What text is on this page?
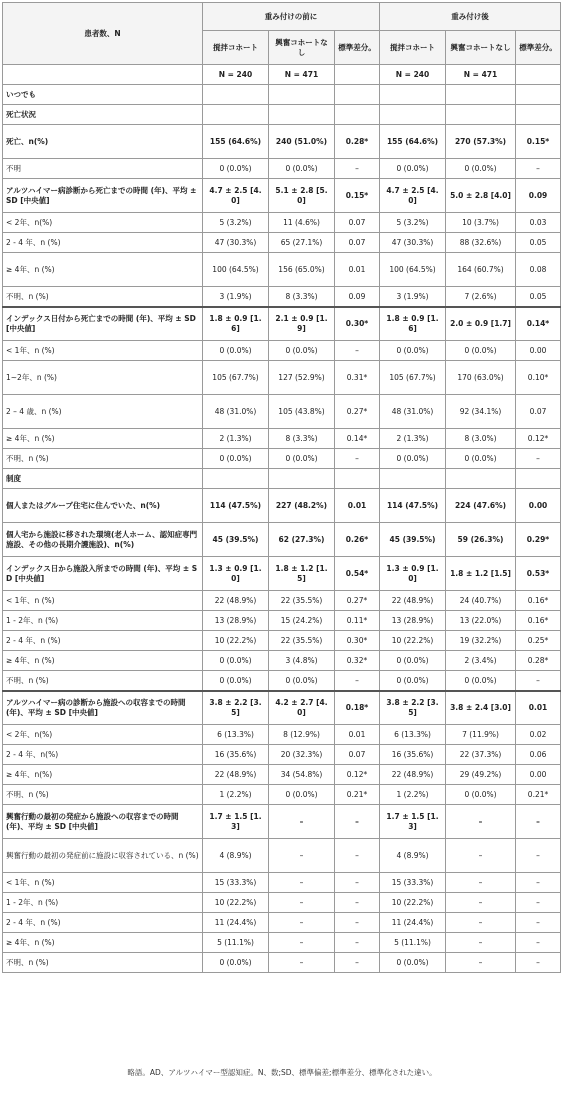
患者数、N	重み付けの前に			重み付け後		
	撹拌コホート	興奮コホートなし	標準差分。	撹拌コホート	興奮コホートなし	標準差分。
	N = 240	N = 471		N = 240	N = 471	
いつでも						
死亡状況						
死亡、n(%)	155 (64.6%)	240 (51.0%)	0.28*	155 (64.6%)	270 (57.3%)	0.15*
不明	0 (0.0%)	0 (0.0%)	–	0 (0.0%)	0 (0.0%)	–
アルツハイマー病診断から死亡までの時間 (年)、平均 ± SD [中央値]	4.7 ± 2.5 [4.0]	5.1 ± 2.8 [5.0]	0.15*	4.7 ± 2.5 [4.0]	5.0 ± 2.8 [4.0]	0.09
< 2年、n(%)	5 (3.2%)	11 (4.6%)	0.07	5 (3.2%)	10 (3.7%)	0.03
2 - 4 年、n (%)	47 (30.3%)	65 (27.1%)	0.07	47 (30.3%)	88 (32.6%)	0.05
≥ 4年、n (%)	100 (64.5%)	156 (65.0%)	0.01	100 (64.5%)	164 (60.7%)	0.08
不明、n (%)	3 (1.9%)	8 (3.3%)	0.09	3 (1.9%)	7 (2.6%)	0.05
インデックス日付から死亡までの時間 (年)、平均 ± SD [中央値]	1.8 ± 0.9 [1.6]	2.1 ± 0.9 [1.9]	0.30*	1.8 ± 0.9 [1.6]	2.0 ± 0.9 [1.7]	0.14*
< 1年、n (%)	0 (0.0%)	0 (0.0%)	–	0 (0.0%)	0 (0.0%)	0.00
1~2年、n (%)	105 (67.7%)	127 (52.9%)	0.31*	105 (67.7%)	170 (63.0%)	0.10*
2 – 4 歳、n (%)	48 (31.0%)	105 (43.8%)	0.27*	48 (31.0%)	92 (34.1%)	0.07
≥ 4年、n (%)	2 (1.3%)	8 (3.3%)	0.14*	2 (1.3%)	8 (3.0%)	0.12*
不明、n (%)	0 (0.0%)	0 (0.0%)	–	0 (0.0%)	0 (0.0%)	–
制度						
個人またはグループ住宅に住んでいた、n(%)	114 (47.5%)	227 (48.2%)	0.01	114 (47.5%)	224 (47.6%)	0.00
個人宅から施設に移された環境(老人ホーム、認知症専門施設、その他の長期介護施設)、n(%)	45 (39.5%)	62 (27.3%)	0.26*	45 (39.5%)	59 (26.3%)	0.29*
インデックス日から施設入所までの時間 (年)、平均 ± SD [中央値]	1.3 ± 0.9 [1.0]	1.8 ± 1.2 [1.5]	0.54*	1.3 ± 0.9 [1.0]	1.8 ± 1.2 [1.5]	0.53*
< 1年、n (%)	22 (48.9%)	22 (35.5%)	0.27*	22 (48.9%)	24 (40.7%)	0.16*
1 - 2年、n (%)	13 (28.9%)	15 (24.2%)	0.11*	13 (28.9%)	13 (22.0%)	0.16*
2 - 4 年、n (%)	10 (22.2%)	22 (35.5%)	0.30*	10 (22.2%)	19 (32.2%)	0.25*
≥ 4年、n (%)	0 (0.0%)	3 (4.8%)	0.32*	0 (0.0%)	2 (3.4%)	0.28*
不明、n (%)	0 (0.0%)	0 (0.0%)	–	0 (0.0%)	0 (0.0%)	–
アルツハイマー病の診断から施設への収容までの時間 (年)、平均 ± SD [中央値]	3.8 ± 2.2 [3.5]	4.2 ± 2.7 [4.0]	0.18*	3.8 ± 2.2 [3.5]	3.8 ± 2.4 [3.0]	0.01
< 2年、n(%)	6 (13.3%)	8 (12.9%)	0.01	6 (13.3%)	7 (11.9%)	0.02
2 - 4 年、n(%)	16 (35.6%)	20 (32.3%)	0.07	16 (35.6%)	22 (37.3%)	0.06
≥ 4年、n(%)	22 (48.9%)	34 (54.8%)	0.12*	22 (48.9%)	29 (49.2%)	0.00
不明、n (%)	1 (2.2%)	0 (0.0%)	0.21*	1 (2.2%)	0 (0.0%)	0.21*
興奮行動の最初の発症から施設への収容までの時間 (年)、平均 ± SD [中央値]	1.7 ± 1.5 [1.3]	–	–	1.7 ± 1.5 [1.3]	–	–
興奮行動の最初の発症前に施設に収容されている、n (%)	4 (8.9%)	–	–	4 (8.9%)	–	–
< 1年、n (%)	15 (33.3%)	–	–	15 (33.3%)	–	–
1 - 2年、n (%)	10 (22.2%)	–	–	10 (22.2%)	–	–
2 - 4 年、n (%)	11 (24.4%)	–	–	11 (24.4%)	–	–
≥ 4年、n (%)	5 (11.1%)	–	–	5 (11.1%)	–	–
不明、n (%)	0 (0.0%)	–	–	0 (0.0%)	–	–
略語。AD、アルツハイマー型認知症。N、数;SD、標準偏差;標準差分、標準化された違い。
